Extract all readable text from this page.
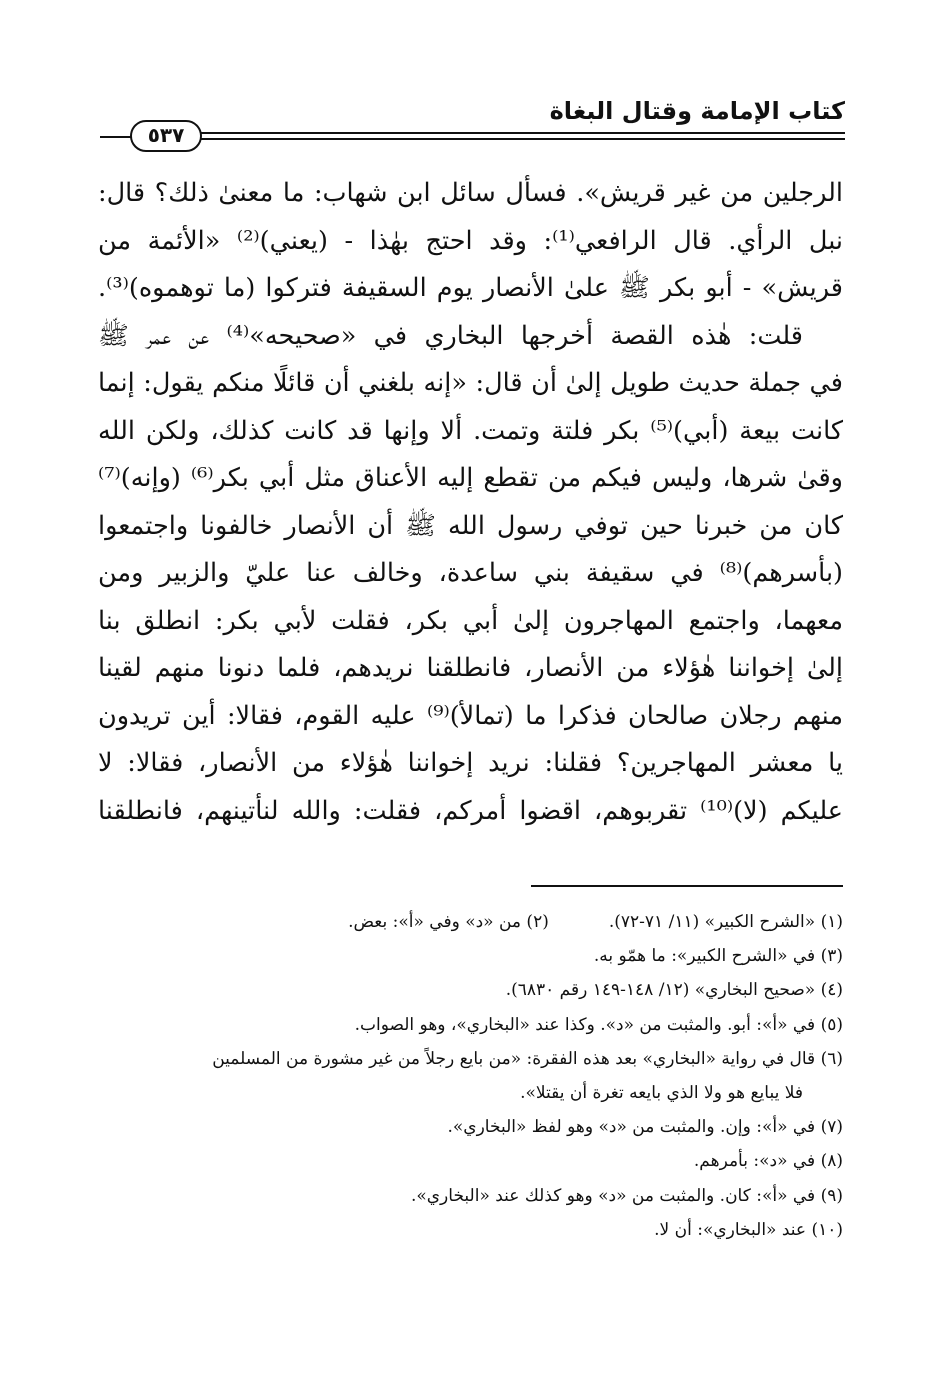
كتاب الإمامة وقتال البغاة
٥٣٧
الرجلين من غير قريش». فسأل سائل ابن شهاب: ما معنىٰ ذلك؟ قال:
نبل الرأي. قال الرافعي⁽¹⁾: وقد احتج بهٰذا - (يعني)⁽²⁾ «الأئمة من
قريش» - أبو بكر ﷺ علىٰ الأنصار يوم السقيفة فتركوا (ما توهموه)⁽³⁾.
قلت: هٰذه القصة أخرجها البخاري في «صحيحه»⁽⁴⁾ عن عمر ﷺ
في جملة حديث طويل إلىٰ أن قال: «إنه بلغني أن قائلًا منكم يقول: إنما
كانت بيعة (أبي)⁽⁵⁾ بكر فلتة وتمت. ألا وإنها قد كانت كذلك، ولكن الله
وقىٰ شرها، وليس فيكم من تقطع إليه الأعناق مثل أبي بكر⁽⁶⁾ (وإنه)⁽⁷⁾
كان من خبرنا حين توفي رسول الله ﷺ أن الأنصار خالفونا واجتمعوا
(بأسرهم)⁽⁸⁾ في سقيفة بني ساعدة، وخالف عنا عليّ والزبير ومن
معهما، واجتمع المهاجرون إلىٰ أبي بكر، فقلت لأبي بكر: انطلق بنا
إلىٰ إخواننا هٰؤلاء من الأنصار، فانطلقنا نريدهم، فلما دنونا منهم لقينا
منهم رجلان صالحان فذكرا ما (تمالأ)⁽⁹⁾ عليه القوم، فقالا: أين تريدون
يا معشر المهاجرين؟ فقلنا: نريد إخواننا هٰؤلاء من الأنصار، فقالا: لا
عليكم (لا)⁽¹⁰⁾ تقربوهم، اقضوا أمركم، فقلت: والله لنأتينهم، فانطلقنا
(١) «الشرح الكبير» (١١/ ٧١-٧٢).
(٢) من «د» وفي «أ»: بعض.
(٣) في «الشرح الكبير»: ما همّو به.
(٤) «صحيح البخاري» (١٢/ ١٤٨-١٤٩ رقم ٦٨٣٠).
(٥) في «أ»: أبو. والمثبت من «د». وكذا عند «البخاري»، وهو الصواب.
(٦) قال في رواية «البخاري» بعد هذه الفقرة: «من بايع رجلاً من غير مشورة من المسلمين
فلا يبايع هو ولا الذي بايعه تغرة أن يقتلا».
(٧) في «أ»: وإن. والمثبت من «د» وهو لفظ «البخاري».
(٨) في «د»: بأمرهم.
(٩) في «أ»: كان. والمثبت من «د» وهو كذلك عند «البخاري».
(١٠) عند «البخاري»: أن لا.
